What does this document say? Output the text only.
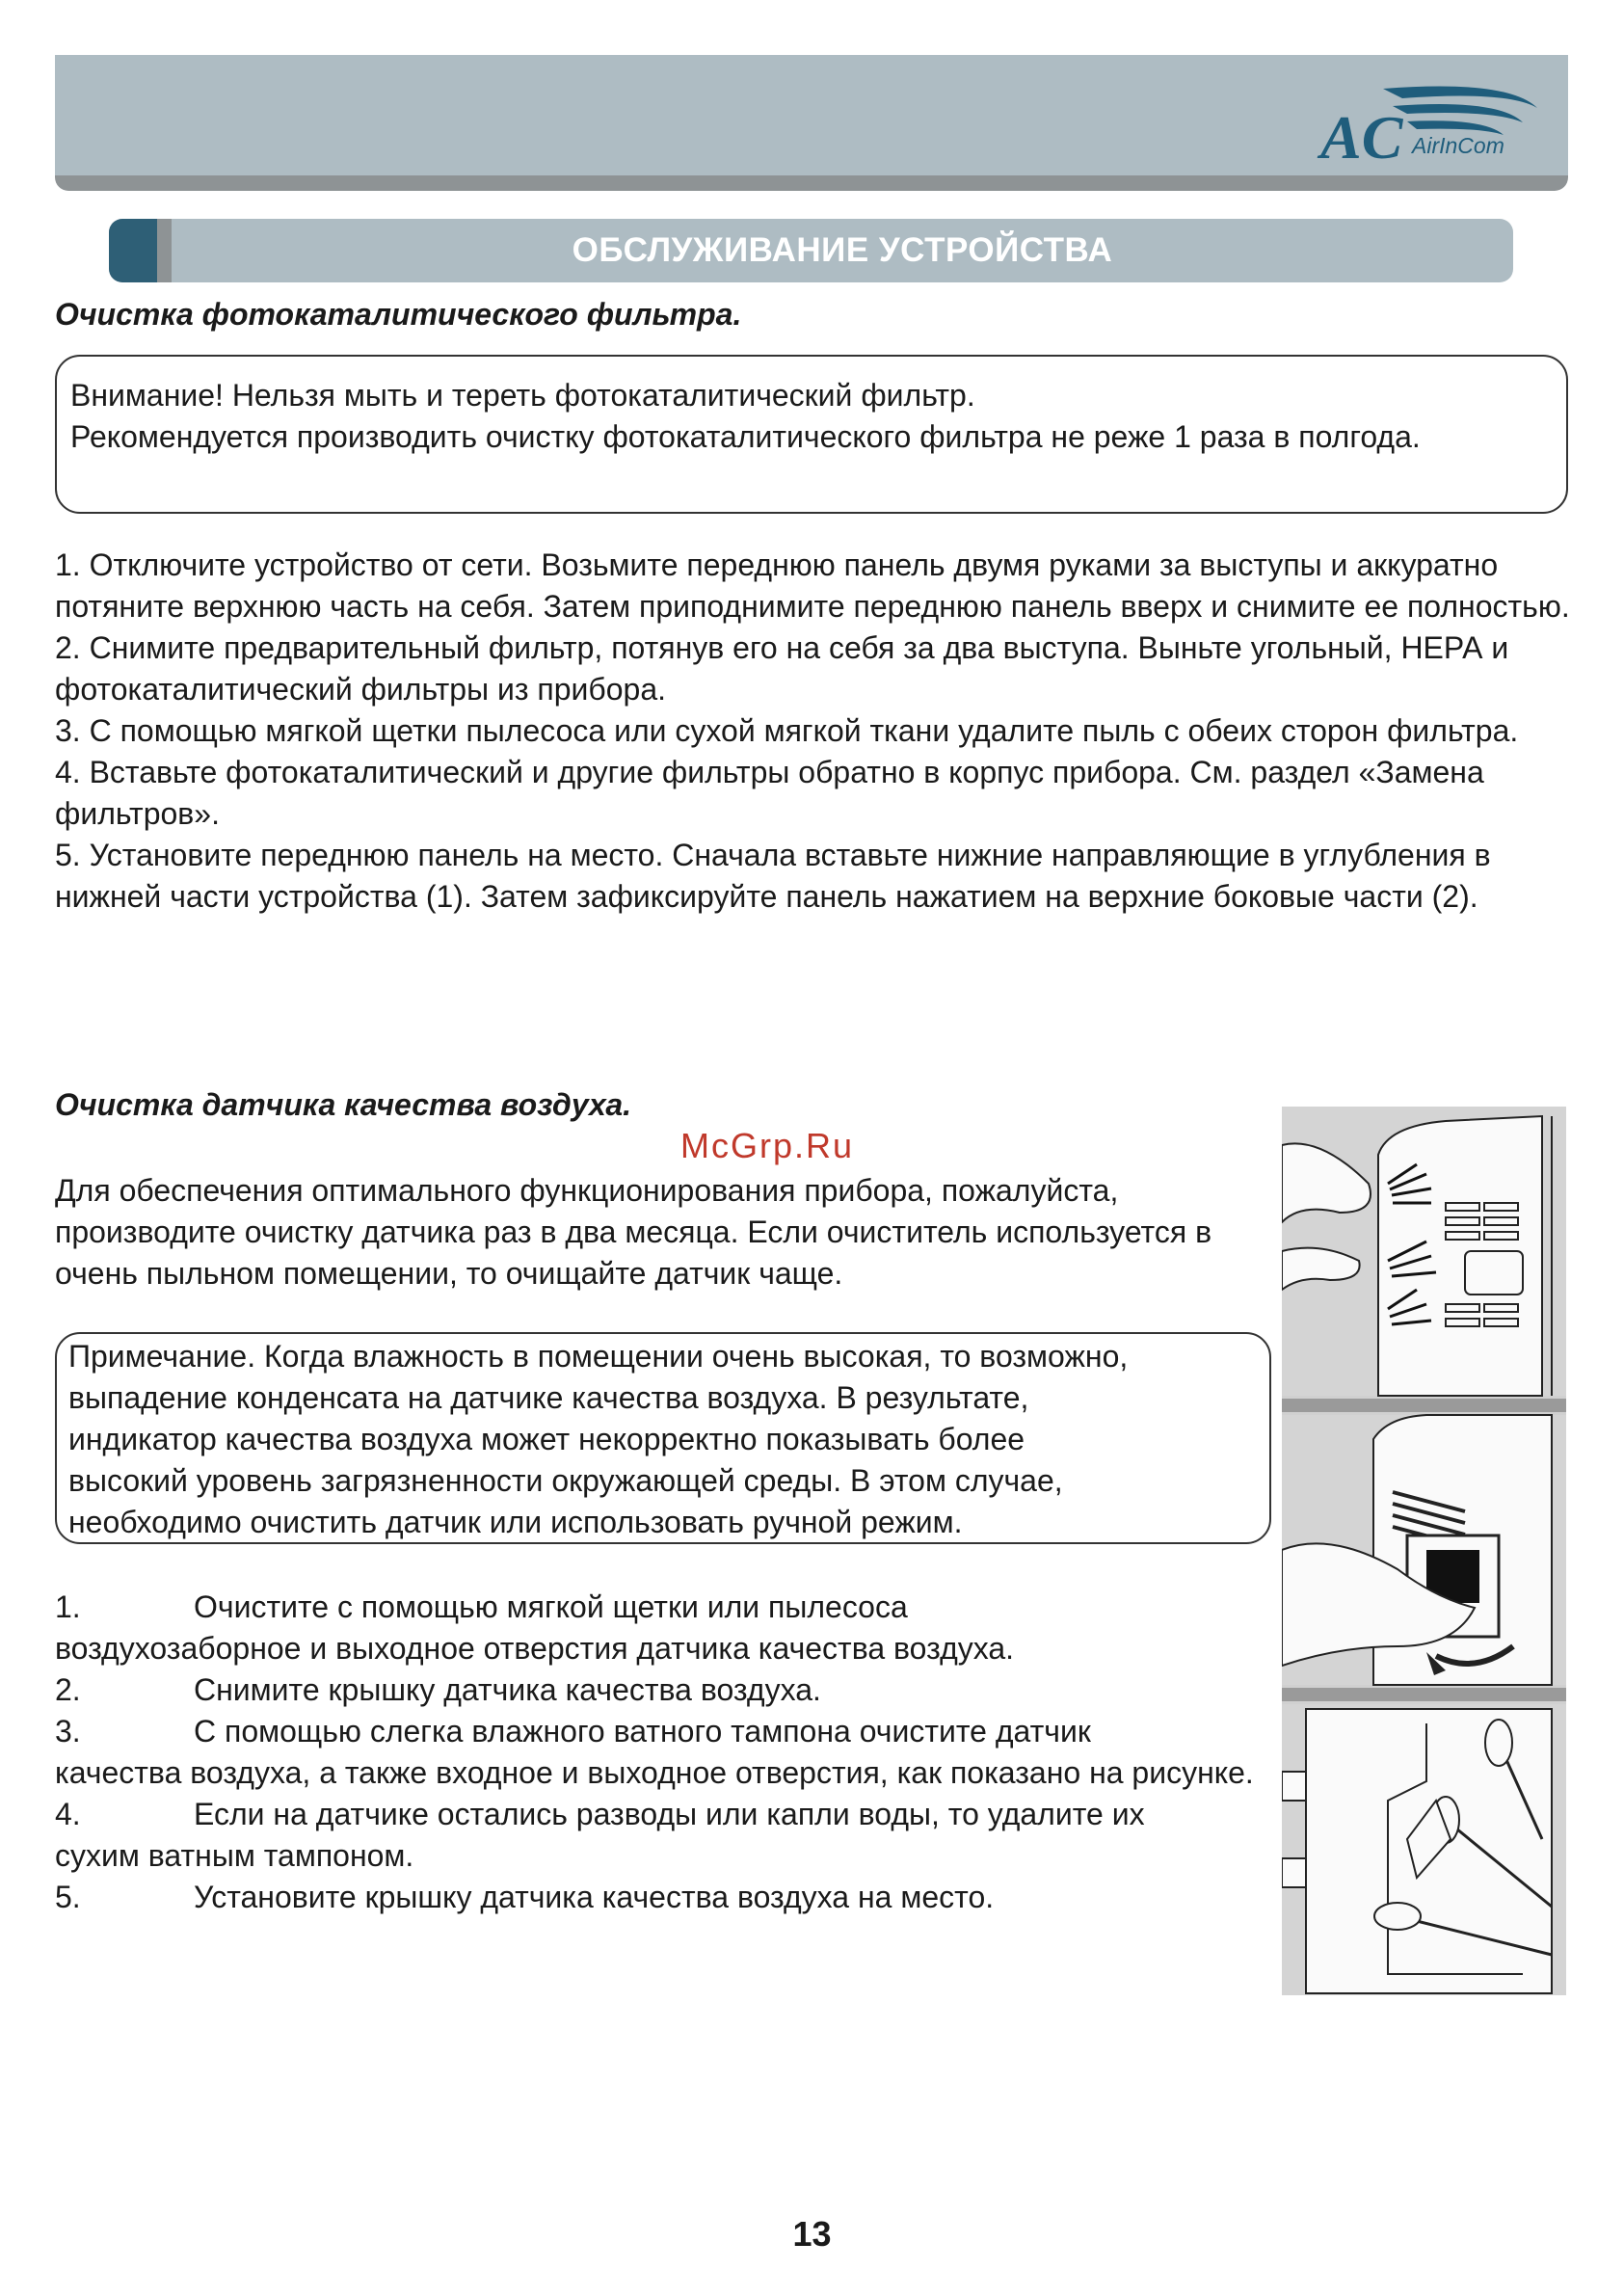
AC AirInCom
ОБСЛУЖИВАНИЕ УСТРОЙСТВА
Очистка фотокаталитического фильтра.

Внимание! Нельзя мыть и тереть фотокаталитический фильтр.

Рекомендуется производить очистку фотокаталитического фильтра не реже 1 раза в полгода.

1. Отключите устройство от сети. Возьмите переднюю панель двумя руками за выступы и аккуратно потяните верхнюю часть на себя. Затем приподнимите переднюю панель вверх и снимите ее полностью.

2. Снимите предварительный фильтр, потянув его на себя за два выступа. Выньте угольный, НЕРА и фотокаталитический фильтры из прибора.

3. С помощью мягкой щетки пылесоса или сухой мягкой ткани удалите пыль с обеих сторон фильтра.

4. Вставьте фотокаталитический и другие фильтры обратно в корпус прибора. См. раздел «Замена фильтров».

5. Установите переднюю панель на место. Сначала вставьте нижние направляющие в углубления в нижней части устройства (1). Затем зафиксируйте панель нажатием на верхние боковые части (2).

Очистка датчика качества воздуха.
McGrp.Ru

Для обеспечения оптимального функционирования прибора, пожалуйста, производите очистку датчика раз в два месяца. Если очиститель используется в очень пыльном помещении, то очищайте датчик чаще.

Примечание. Когда влажность в помещении очень высокая, то возможно,

выпадение конденсата на датчике качества воздуха. В результате,

индикатор качества воздуха может некорректно показывать более

высокий уровень загрязненности окружающей среды. В этом случае,

необходимо очистить датчик или использовать ручной режим.

1.	Очистите с помощью мягкой щетки или пылесоса

воздухозаборное и выходное отверстия датчика качества воздуха.

2.	Снимите крышку датчика качества воздуха.

3.	С помощью слегка влажного ватного тампона очистите датчик

качества воздуха, а также входное и выходное отверстия, как показано на рисунке.

4.	Если на датчике остались разводы или капли воды, то удалите их

сухим ватным тампоном.

5.	Установите крышку датчика качества воздуха на место.

13
